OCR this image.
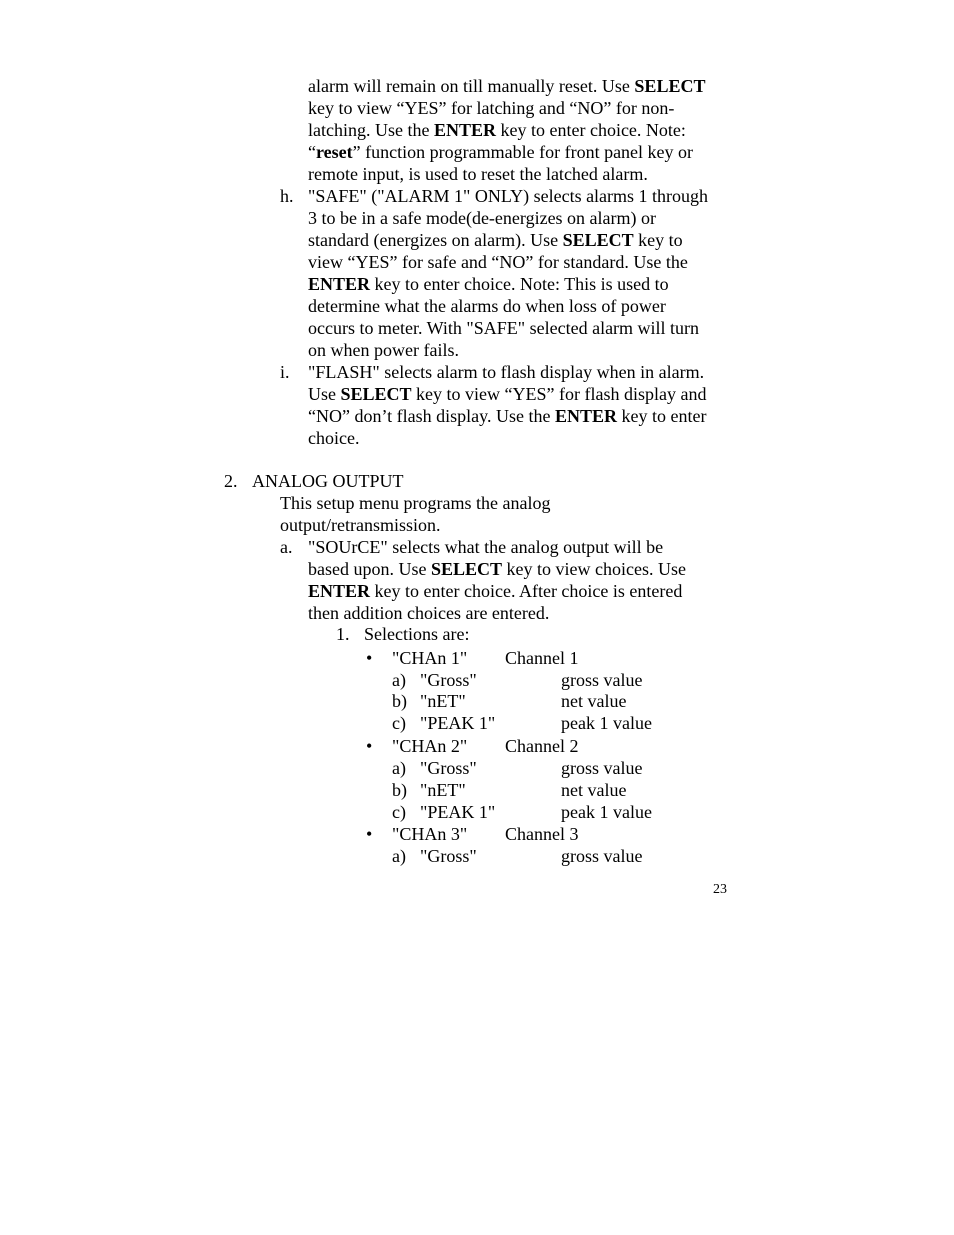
alarm will remain on till manually reset. Use SELECT
key to view “YES” for latching and “NO” for non-
latching. Use the ENTER key to enter choice. Note:
“reset” function programmable for front panel key or
remote input, is used to reset the latched alarm.
h. "SAFE" ("ALARM 1" ONLY) selects alarms 1 through
3 to be in a safe mode(de-energizes on alarm) or
standard (energizes on alarm). Use SELECT key to
view “YES” for safe and “NO” for standard. Use the
ENTER key to enter choice. Note: This is used to
determine what the alarms do when loss of power
occurs to meter. With "SAFE" selected alarm will turn
on when power fails.
i. "FLASH" selects alarm to flash display when in alarm.
Use SELECT key to view “YES” for flash display and
“NO” don’t flash display. Use the ENTER key to enter
choice.
2. ANALOG OUTPUT
This setup menu programs the analog
output/retransmission.
a. "SOUrCE" selects what the analog output will be
based upon. Use SELECT key to view choices. Use
ENTER key to enter choice. After choice is entered
then addition choices are entered.
1. Selections are:
• "CHAn 1" Channel 1
a) "Gross"	gross value
b) "nET"	net value
c) "PEAK 1"	peak 1 value
• "CHAn 2" Channel 2
a) "Gross"	gross value
b) "nET"	net value
c) "PEAK 1"	peak 1 value
• "CHAn 3" Channel 3
a) "Gross"	gross value
23
